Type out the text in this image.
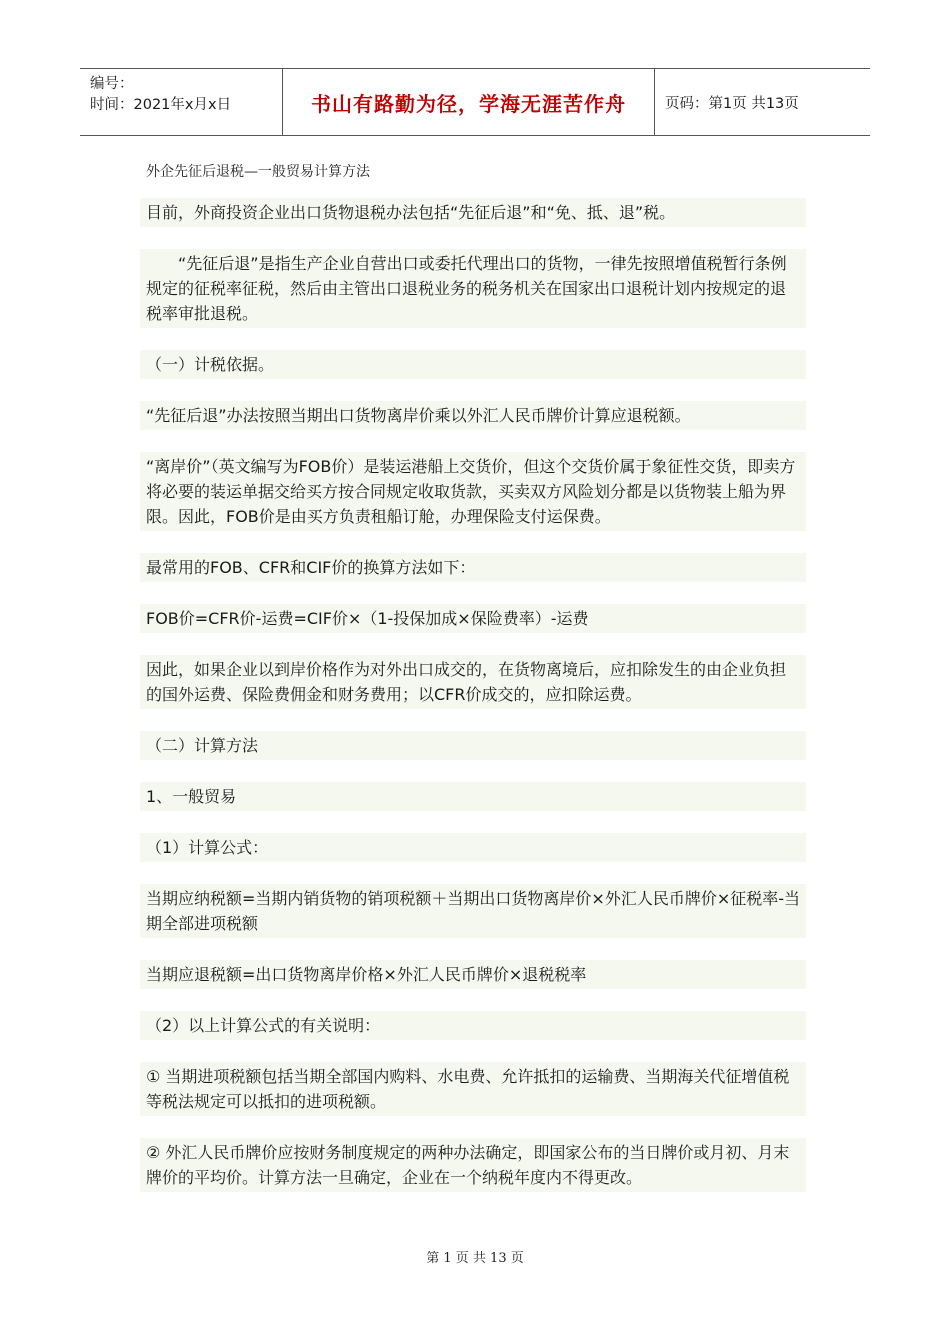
编号：
时间：2021年x月x日	书山有路勤为径，学海无涯苦作舟	页码：第1页 共13页
外企先征后退税—一般贸易计算方法
目前，外商投资企业出口货物退税办法包括“先征后退”和“免、抵、退”税。
“先征后退”是指生产企业自营出口或委托代理出口的货物，一律先按照增值税暂行条例规定的征税率征税，然后由主管出口退税业务的税务机关在国家出口退税计划内按规定的退税率审批退税。
（一）计税依据。
“先征后退”办法按照当期出口货物离岸价乘以外汇人民币牌价计算应退税额。
“离岸价”（英文编写为FOB价）是装运港船上交货价，但这个交货价属于象征性交货，即卖方将必要的装运单据交给买方按合同规定收取货款，买卖双方风险划分都是以货物装上船为界限。因此，FOB价是由买方负责租船订舱，办理保险支付运保费。
最常用的FOB、CFR和CIF价的换算方法如下：
FOB价=CFR价-运费=CIF价×（1-投保加成×保险费率）-运费
因此，如果企业以到岸价格作为对外出口成交的，在货物离境后，应扣除发生的由企业负担的国外运费、保险费佣金和财务费用；以CFR价成交的，应扣除运费。
（二）计算方法
1、一般贸易
（1）计算公式：
当期应纳税额=当期内销货物的销项税额＋当期出口货物离岸价×外汇人民币牌价×征税率-当期全部进项税额
当期应退税额=出口货物离岸价格×外汇人民币牌价×退税税率
（2）以上计算公式的有关说明：
① 当期进项税额包括当期全部国内购料、水电费、允许抵扣的运输费、当期海关代征增值税等税法规定可以抵扣的进项税额。
② 外汇人民币牌价应按财务制度规定的两种办法确定，即国家公布的当日牌价或月初、月末牌价的平均价。计算方法一旦确定，企业在一个纳税年度内不得更改。
第 1 页 共 13 页
